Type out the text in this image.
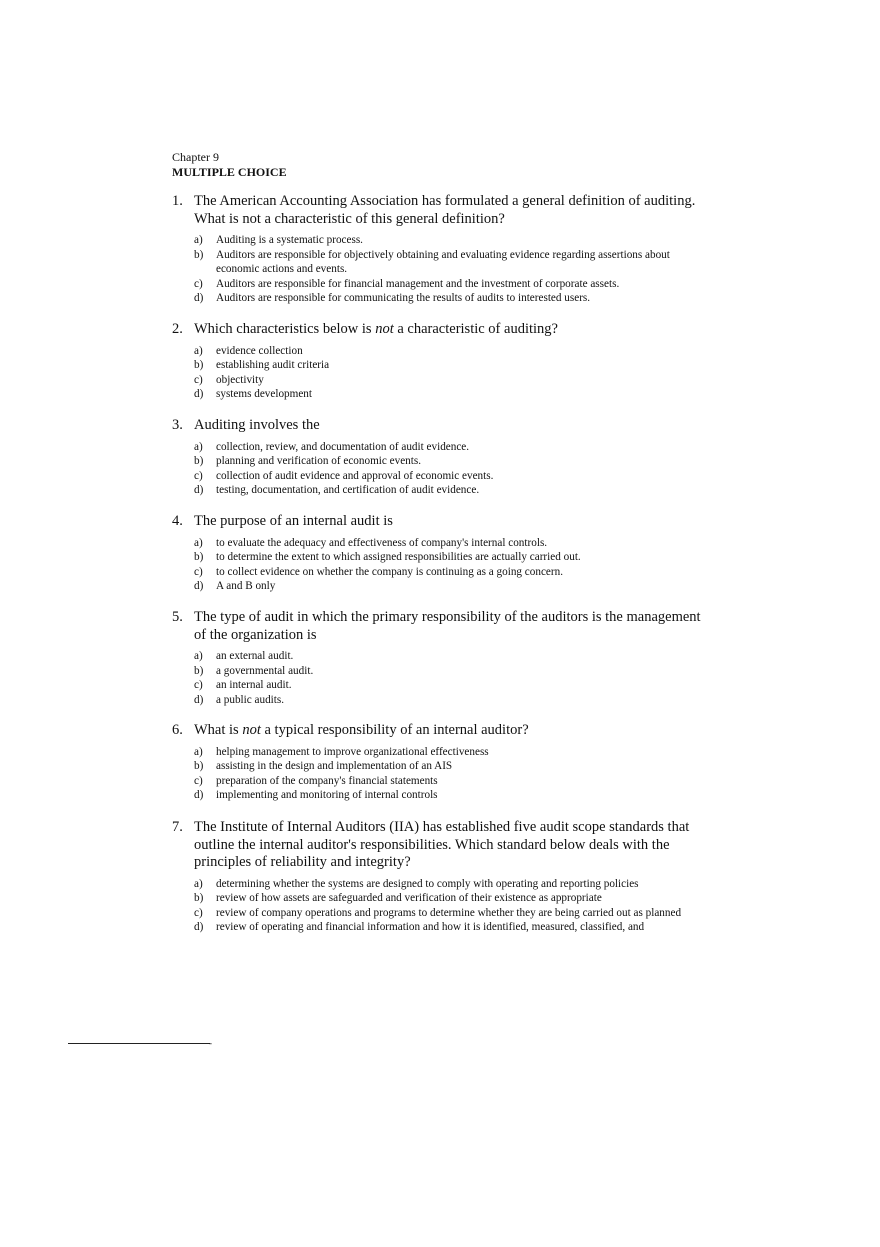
Chapter 9
MULTIPLE CHOICE
1. The American Accounting Association has formulated a general definition of auditing. What is not a characteristic of this general definition?
a)	Auditing is a systematic process.
b)	Auditors are responsible for objectively obtaining and evaluating evidence regarding assertions about economic actions and events.
c)	Auditors are responsible for financial management and the investment of corporate assets.
d)	Auditors are responsible for communicating the results of audits to interested users.
2. Which characteristics below is not a characteristic of auditing?
a)	evidence collection
b)	establishing audit criteria
c)	objectivity
d)	systems development
3. Auditing involves the
a)	collection, review, and documentation of audit evidence.
b)	planning and verification of economic events.
c)	collection of audit evidence and approval of economic events.
d)	testing, documentation, and certification of audit evidence.
4. The purpose of an internal audit is
a)	to evaluate the adequacy and effectiveness of company's internal controls.
b)	to determine the extent to which assigned responsibilities are actually carried out.
c)	to collect evidence on whether the company is continuing as a going concern.
d)	A and B only
5. The type of audit in which the primary responsibility of the auditors is the management of the organization is
a)	an external audit.
b)	a governmental audit.
c)	an internal audit.
d)	a public audits.
6. What is not a typical responsibility of an internal auditor?
a)	helping management to improve organizational effectiveness
b)	assisting in the design and implementation of an AIS
c)	preparation of the company's financial statements
d)	implementing and monitoring of internal controls
7. The Institute of Internal Auditors (IIA) has established five audit scope standards that outline the internal auditor's responsibilities. Which standard below deals with the principles of reliability and integrity?
a)	determining whether the systems are designed to comply with operating and reporting policies
b)	review of how assets are safeguarded and verification of their existence as appropriate
c)	review of company operations and programs to determine whether they are being carried out as planned
d)	review of operating and financial information and how it is identified, measured, classified, and
-
